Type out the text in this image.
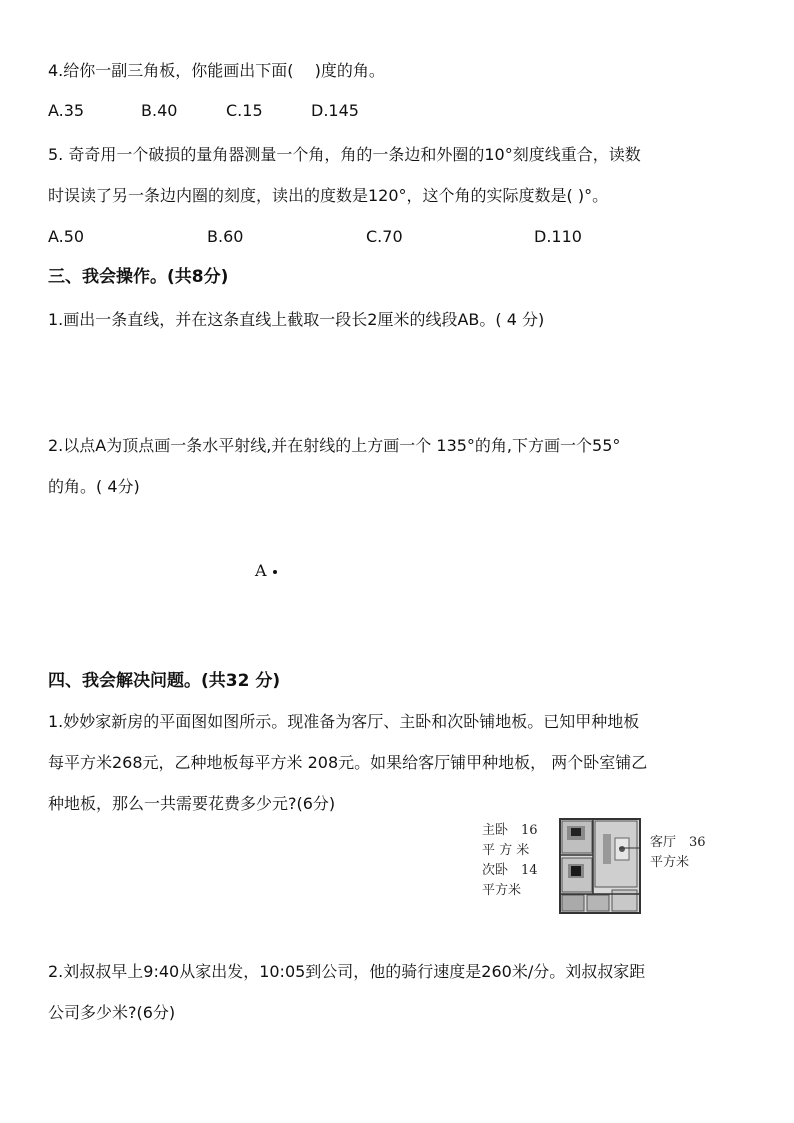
4.给你一副三角板，你能画出下面(　 )度的角。
A.35	B.40	C.15	D.145
5. 奇奇用一个破损的量角器测量一个角，角的一条边和外圈的10°刻度线重合，读数
时误读了另一条边内圈的刻度，读出的度数是120°，这个角的实际度数是( )°。
A.50	B.60	C.70	D.110
三、我会操作。(共8分)
1.画出一条直线，并在这条直线上截取一段长2厘米的线段AB。( 4 分)
2.以点A为顶点画一条水平射线,并在射线的上方画一个 135°的角,下方画一个55°
的角。( 4分)
A
四、我会解决问题。(共32 分)
1.妙妙家新房的平面图如图所示。现准备为客厅、主卧和次卧铺地板。已知甲种地板
每平方米268元，乙种地板每平方米 208元。如果给客厅铺甲种地板， 两个卧室铺乙
种地板，那么一共需要花费多少元?(6分)
主卧　16
平 方 米
次卧　14
平方米
客厅　36
平方米
2.刘叔叔早上9:40从家出发，10:05到公司，他的骑行速度是260米/分。刘叔叔家距
公司多少米?(6分)
